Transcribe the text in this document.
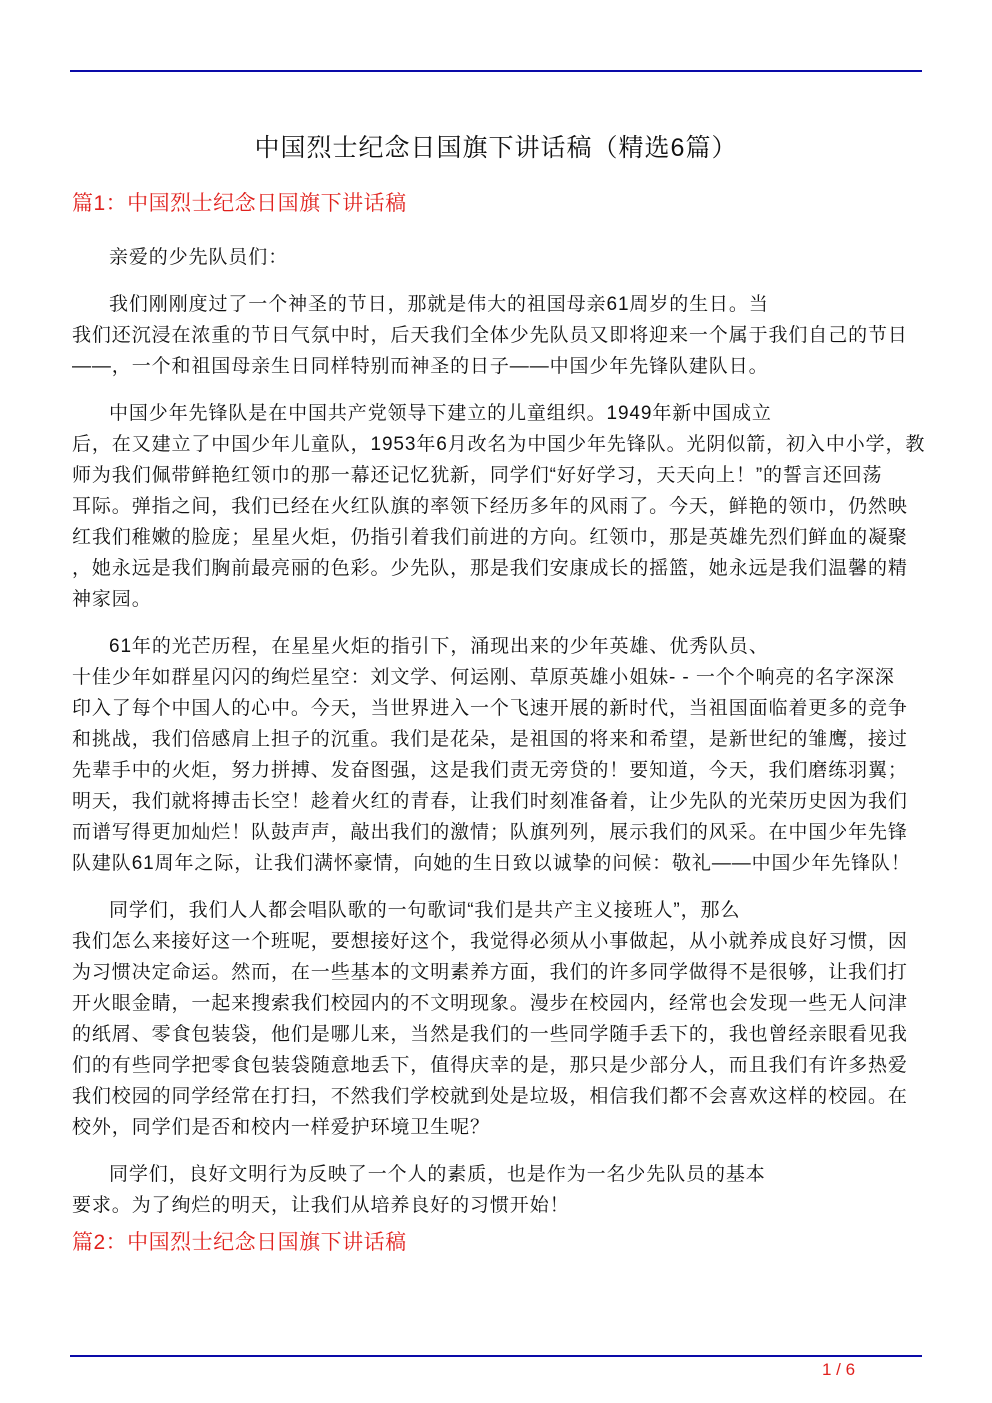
中国烈士纪念日国旗下讲话稿（精选6篇）
篇1：中国烈士纪念日国旗下讲话稿
亲爱的少先队员们：
我们刚刚度过了一个神圣的节日，那就是伟大的祖国母亲61周岁的生日。当
我们还沉浸在浓重的节日气氛中时，后天我们全体少先队员又即将迎来一个属于我们自己的节日
——，一个和祖国母亲生日同样特别而神圣的日子——中国少年先锋队建队日。
中国少年先锋队是在中国共产党领导下建立的儿童组织。1949年新中国成立
后，在又建立了中国少年儿童队，1953年6月改名为中国少年先锋队。光阴似箭，初入中小学，教
师为我们佩带鲜艳红领巾的那一幕还记忆犹新，同学们“好好学习，天天向上！”的誓言还回荡
耳际。弹指之间，我们已经在火红队旗的率领下经历多年的风雨了。今天，鲜艳的领巾，仍然映
红我们稚嫩的脸庞；星星火炬，仍指引着我们前进的方向。红领巾，那是英雄先烈们鲜血的凝聚
，她永远是我们胸前最亮丽的色彩。少先队，那是我们安康成长的摇篮，她永远是我们温馨的精
神家园。
61年的光芒历程，在星星火炬的指引下，涌现出来的少年英雄、优秀队员、
十佳少年如群星闪闪的绚烂星空：刘文学、何运刚、草原英雄小姐妹- - 一个个响亮的名字深深
印入了每个中国人的心中。今天，当世界进入一个飞速开展的新时代，当祖国面临着更多的竞争
和挑战，我们倍感肩上担子的沉重。我们是花朵，是祖国的将来和希望，是新世纪的雏鹰，接过
先辈手中的火炬，努力拼搏、发奋图强，这是我们责无旁贷的！要知道，今天，我们磨练羽翼；
明天，我们就将搏击长空！趁着火红的青春，让我们时刻准备着，让少先队的光荣历史因为我们
而谱写得更加灿烂！队鼓声声，敲出我们的激情；队旗列列，展示我们的风采。在中国少年先锋
队建队61周年之际，让我们满怀豪情，向她的生日致以诚挚的问候：敬礼——中国少年先锋队！
同学们，我们人人都会唱队歌的一句歌词“我们是共产主义接班人”，那么
我们怎么来接好这一个班呢，要想接好这个，我觉得必须从小事做起，从小就养成良好习惯，因
为习惯决定命运。然而，在一些基本的文明素养方面，我们的许多同学做得不是很够，让我们打
开火眼金睛，一起来搜索我们校园内的不文明现象。漫步在校园内，经常也会发现一些无人问津
的纸屑、零食包装袋，他们是哪儿来，当然是我们的一些同学随手丢下的，我也曾经亲眼看见我
们的有些同学把零食包装袋随意地丢下，值得庆幸的是，那只是少部分人，而且我们有许多热爱
我们校园的同学经常在打扫，不然我们学校就到处是垃圾，相信我们都不会喜欢这样的校园。在
校外，同学们是否和校内一样爱护环境卫生呢？
同学们，良好文明行为反映了一个人的素质，也是作为一名少先队员的基本
要求。为了绚烂的明天，让我们从培养良好的习惯开始！
篇2：中国烈士纪念日国旗下讲话稿
1 / 6
